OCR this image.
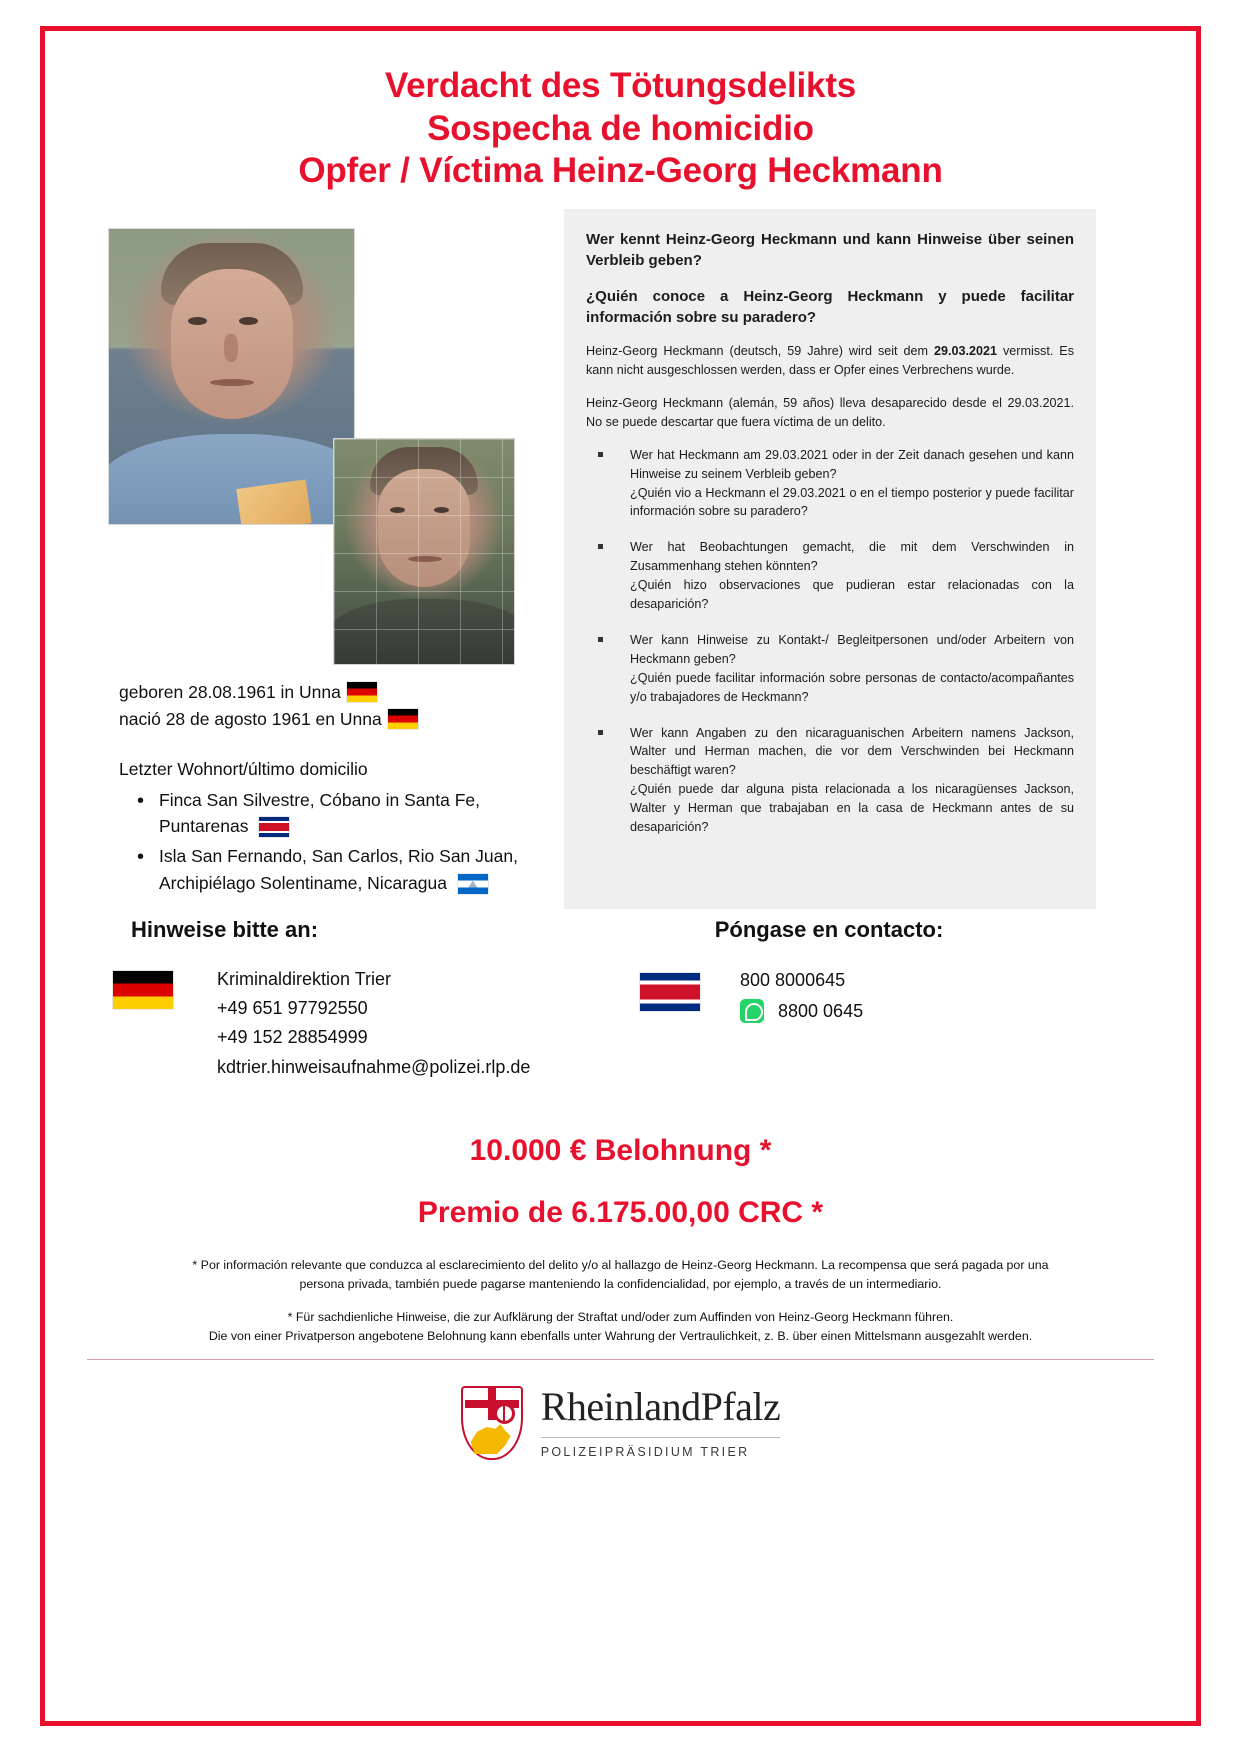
Verdacht des Tötungsdelikts
Sospecha de homicidio
Opfer / Víctima Heinz-Georg Heckmann
geboren 28.08.1961 in Unna
nació 28 de agosto 1961 en Unna
Letzter Wohnort/último domicilio
• Finca San Silvestre, Cóbano in Santa Fe, Puntarenas
• Isla San Fernando, San Carlos, Rio San Juan, Archipiélago Solentiname, Nicaragua
Wer kennt Heinz-Georg Heckmann und kann Hinweise über seinen Verbleib geben?
¿Quién conoce a Heinz-Georg Heckmann y puede facilitar información sobre su paradero?
Heinz-Georg Heckmann (deutsch, 59 Jahre) wird seit dem 29.03.2021 vermisst. Es kann nicht ausgeschlossen werden, dass er Opfer eines Verbrechens wurde.
Heinz-Georg Heckmann (alemán, 59 años) lleva desaparecido desde el 29.03.2021. No se puede descartar que fuera víctima de un delito.
Wer hat Heckmann am 29.03.2021 oder in der Zeit danach gesehen und kann Hinweise zu seinem Verbleib geben?
¿Quién vio a Heckmann el 29.03.2021 o en el tiempo posterior y puede facilitar información sobre su paradero?
Wer hat Beobachtungen gemacht, die mit dem Verschwinden in Zusammenhang stehen könnten?
¿Quién hizo observaciones que pudieran estar relacionadas con la desaparición?
Wer kann Hinweise zu Kontakt-/ Begleitpersonen und/oder Arbeitern von Heckmann geben?
¿Quién puede facilitar información sobre personas de contacto/acompañantes y/o trabajadores de Heckmann?
Wer kann Angaben zu den nicaraguanischen Arbeitern namens Jackson, Walter und Herman machen, die vor dem Verschwinden bei Heckmann beschäftigt waren?
¿Quién puede dar alguna pista relacionada a los nicaragüenses Jackson, Walter y Herman que trabajaban en la casa de Heckmann antes de su desaparición?
Hinweise bitte an:
Kriminaldirektion Trier
+49 651 97792550
+49 152 28854999
kdtrier.hinweisaufnahme@polizei.rlp.de
Póngase en contacto:
800 8000645
8800 0645
10.000 € Belohnung *
Premio de 6.175.00,00 CRC *
* Por información relevante que conduzca al esclarecimiento del delito y/o al hallazgo de Heinz-Georg Heckmann. La recompensa que será pagada por una
persona privada, también puede pagarse manteniendo la confidencialidad, por ejemplo, a través de un intermediario.
* Für sachdienliche Hinweise, die zur Aufklärung der Straftat und/oder zum Auffinden von Heinz-Georg Heckmann führen.
Die von einer Privatperson angebotene Belohnung kann ebenfalls unter Wahrung der Vertraulichkeit, z. B. über einen Mittelsmann ausgezahlt werden.
RheinlandPfalz
POLIZEIPRÄSIDIUM TRIER
